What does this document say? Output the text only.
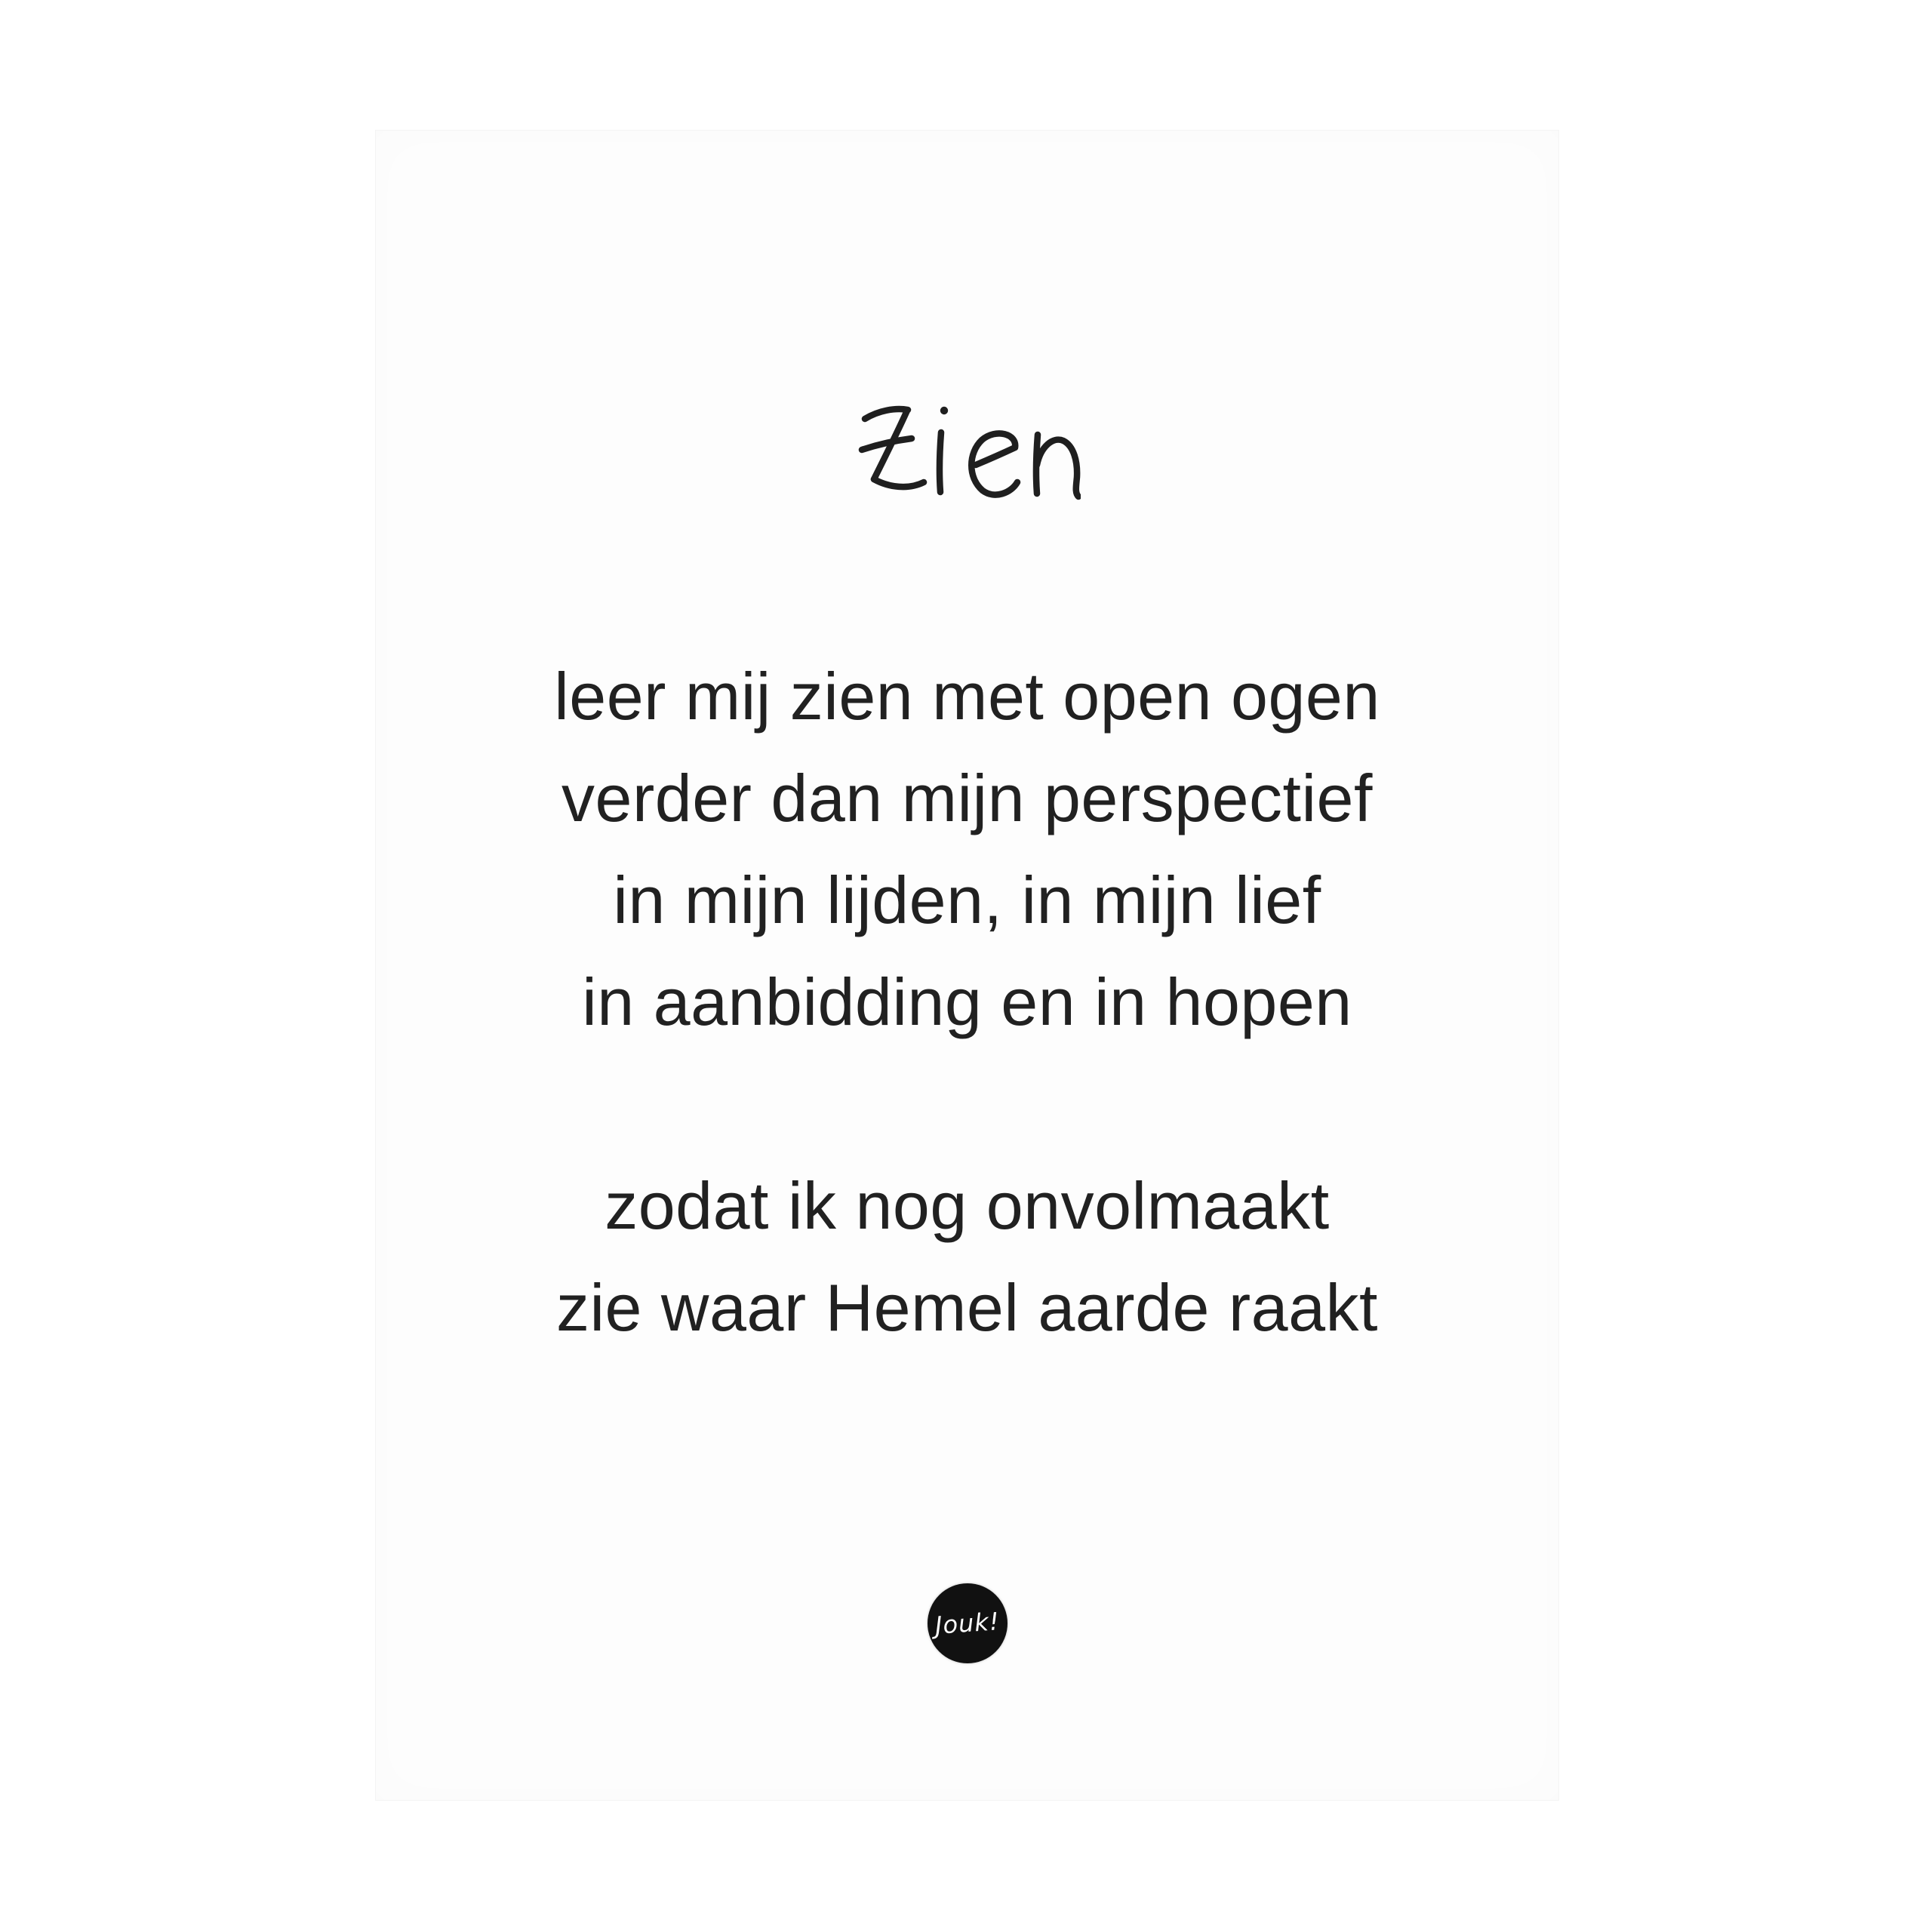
leer mij zien met open ogen
verder dan mijn perspectief
in mijn lijden, in mijn lief
in aanbidding en in hopen
zodat ik nog onvolmaakt
zie waar Hemel aarde raakt
Jouk!
